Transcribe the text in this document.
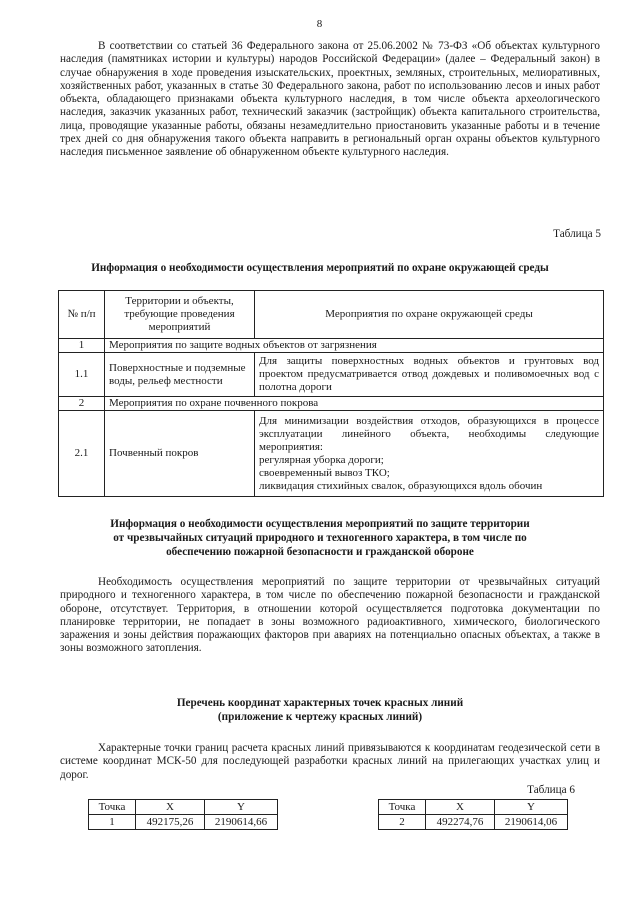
8

В соответствии со статьей 36 Федерального закона от 25.06.2002 № 73-ФЗ «Об объектах культурного наследия (памятниках истории и культуры) народов Российской Федерации» (далее – Федеральный закон) в случае обнаружения в ходе проведения изыскательских, проектных, земляных, строительных, мелиоративных, хозяйственных работ, указанных в статье 30 Федерального закона, работ по использованию лесов и иных работ объекта, обладающего признаками объекта культурного наследия, в том числе объекта археологического наследия, заказчик указанных работ, технический заказчик (застройщик) объекта капитального строительства, лица, проводящие указанные работы, обязаны незамедлительно приостановить указанные работы и в течение трех дней со дня обнаружения такого объекта направить в региональный орган охраны объектов культурного наследия письменное заявление об обнаруженном объекте культурного наследия.

Таблица 5

Информация о необходимости осуществления мероприятий по охране окружающей среды

№ п/п	Территории и объекты, требующие проведения мероприятий	Мероприятия по охране окружающей среды
1	Мероприятия по защите водных объектов от загрязнения	
1.1	Поверхностные и подземные воды, рельеф местности	Для защиты поверхностных водных объектов и грунтовых вод проектом предусматривается отвод дождевых и поливомоечных вод с полотна дороги
2	Мероприятия по охране почвенного покрова	
2.1	Почвенный покров	Для минимизации воздействия отходов, образующихся в процессе эксплуатации линейного объекта, необходимы следующие мероприятия:
регулярная уборка дороги;
своевременный вывоз ТКО;
ликвидация стихийных свалок, образующихся вдоль обочин
Информация о необходимости осуществления мероприятий по защите территории
от чрезвычайных ситуаций природного и техногенного характера, в том числе по
обеспечению пожарной безопасности и гражданской обороне

Необходимость осуществления мероприятий по защите территории от чрезвычайных ситуаций природного и техногенного характера, в том числе по обеспечению пожарной безопасности и гражданской обороне, отсутствует. Территория, в отношении которой осуществляется подготовка документации по планировке территории, не попадает в зоны возможного радиоактивного, химического, биологического заражения и зоны действия поражающих факторов при авариях на потенциально опасных объектах, а также в зоны возможного затопления.

Перечень координат характерных точек красных линий
(приложение к чертежу красных линий)

Характерные точки границ расчета красных линий привязываются к координатам геодезической сети в системе координат МСК-50 для последующей разработки красных линий на прилегающих участках улиц и дорог.

Таблица 6
Точка	X	Y
1	492175,26	2190614,66
Точка	X	Y
2	492274,76	2190614,06
